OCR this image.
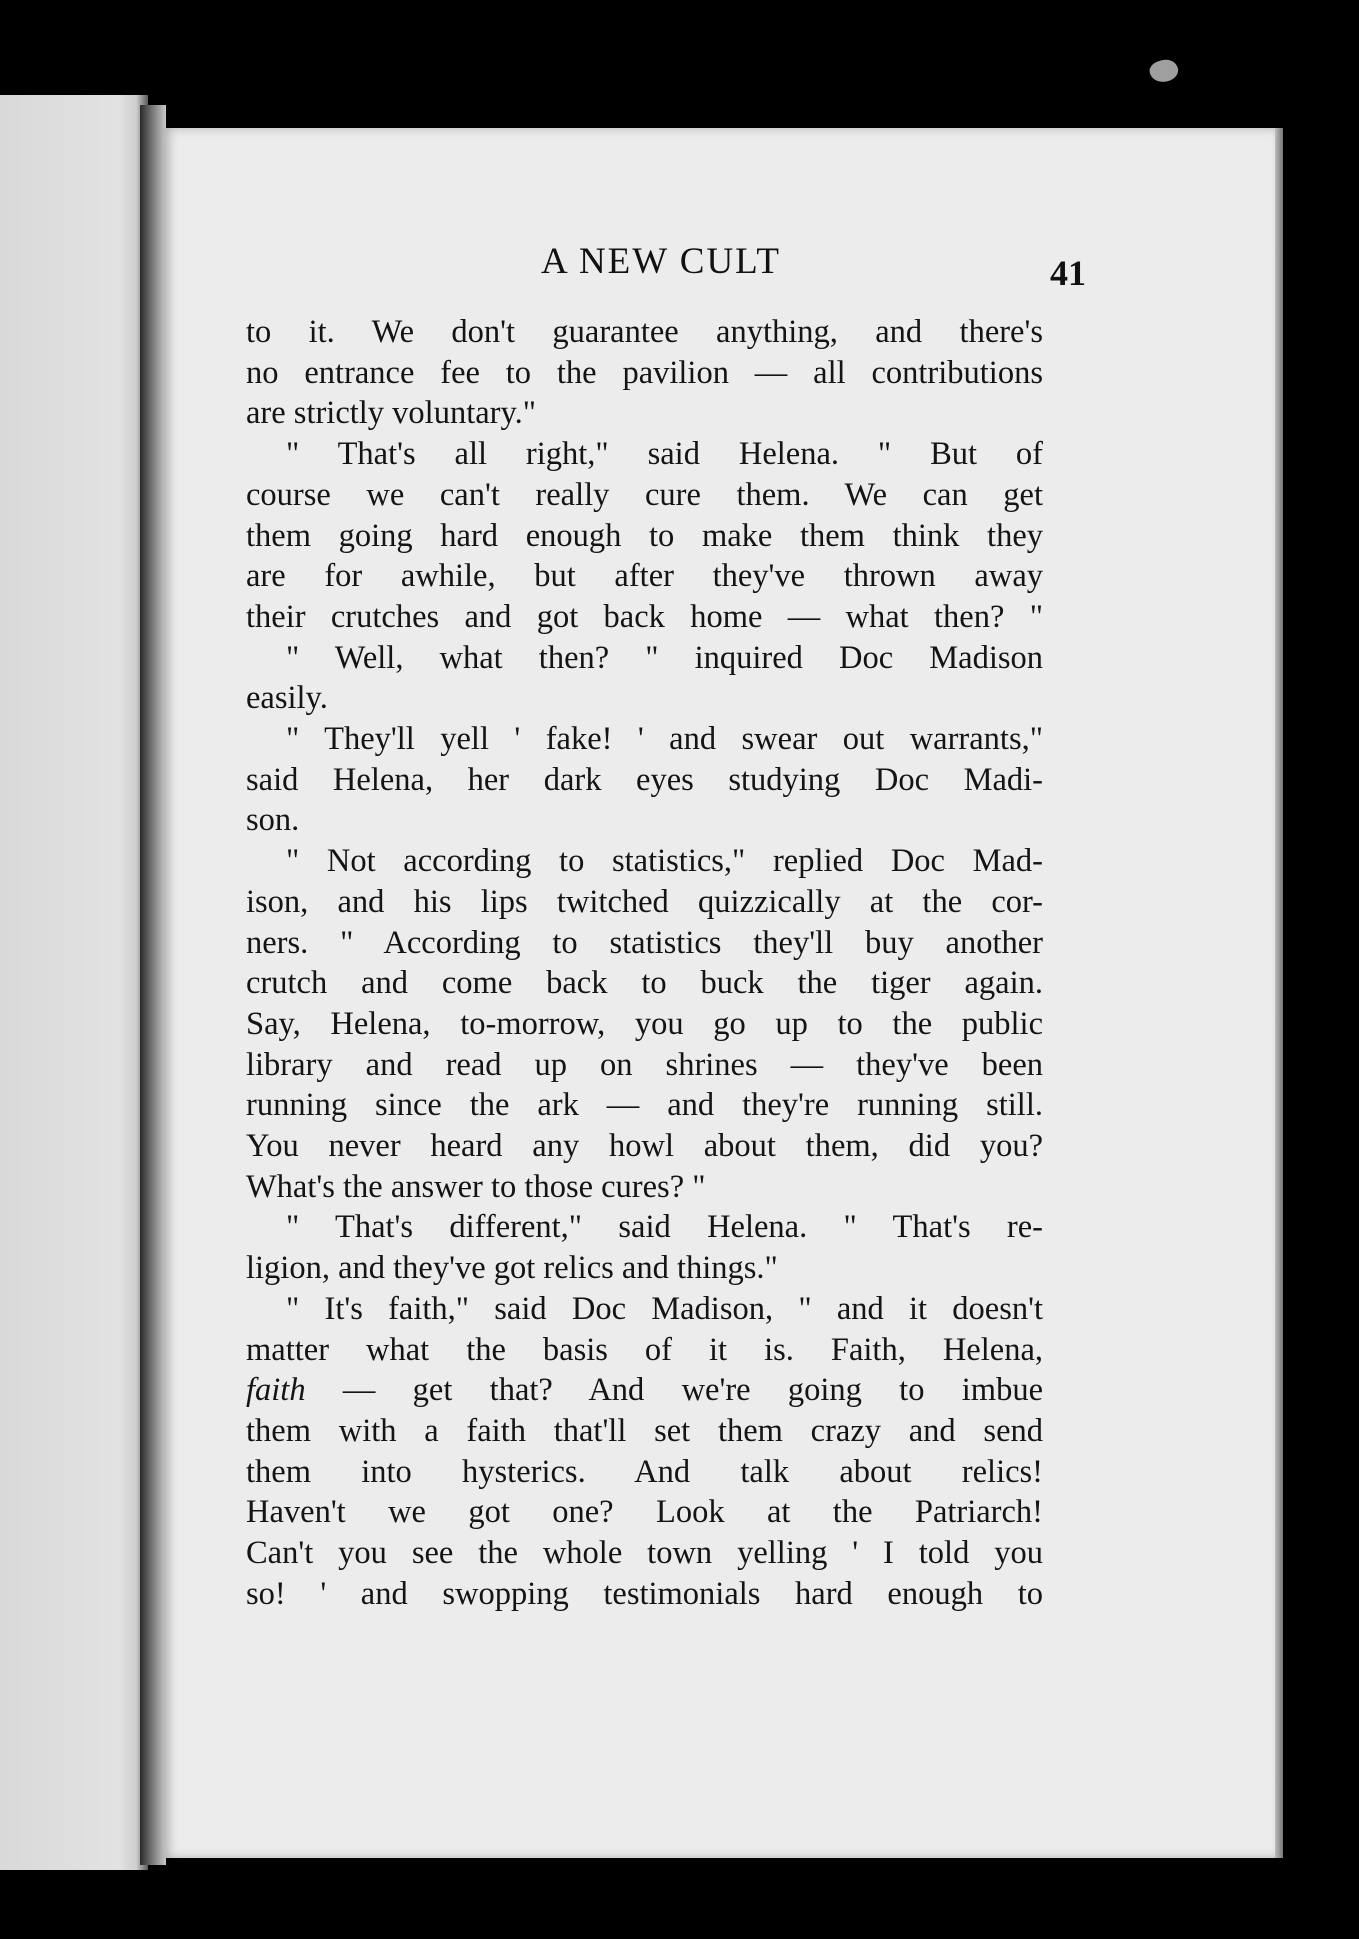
A NEW CULT	41

to it. We don't guarantee anything, and there's

no entrance fee to the pavilion — all contributions

are strictly voluntary."

" That's all right," said Helena. " But of

course we can't really cure them. We can get

them going hard enough to make them think they

are for awhile, but after they've thrown away

their crutches and got back home — what then? "

" Well, what then? " inquired Doc Madison

easily.

" They'll yell ' fake! ' and swear out warrants,"

said Helena, her dark eyes studying Doc Madi-

son.

" Not according to statistics," replied Doc Mad-

ison, and his lips twitched quizzically at the cor-

ners. " According to statistics they'll buy another

crutch and come back to buck the tiger again.

Say, Helena, to-morrow, you go up to the public

library and read up on shrines — they've been

running since the ark — and they're running still.

You never heard any howl about them, did you?

What's the answer to those cures? "

" That's different," said Helena. " That's re-

ligion, and they've got relics and things."

" It's faith," said Doc Madison, " and it doesn't

matter what the basis of it is. Faith, Helena,

faith — get that? And we're going to imbue

them with a faith that'll set them crazy and send

them into hysterics. And talk about relics!

Haven't we got one? Look at the Patriarch!

Can't you see the whole town yelling ' I told you

so! ' and swopping testimonials hard enough to
